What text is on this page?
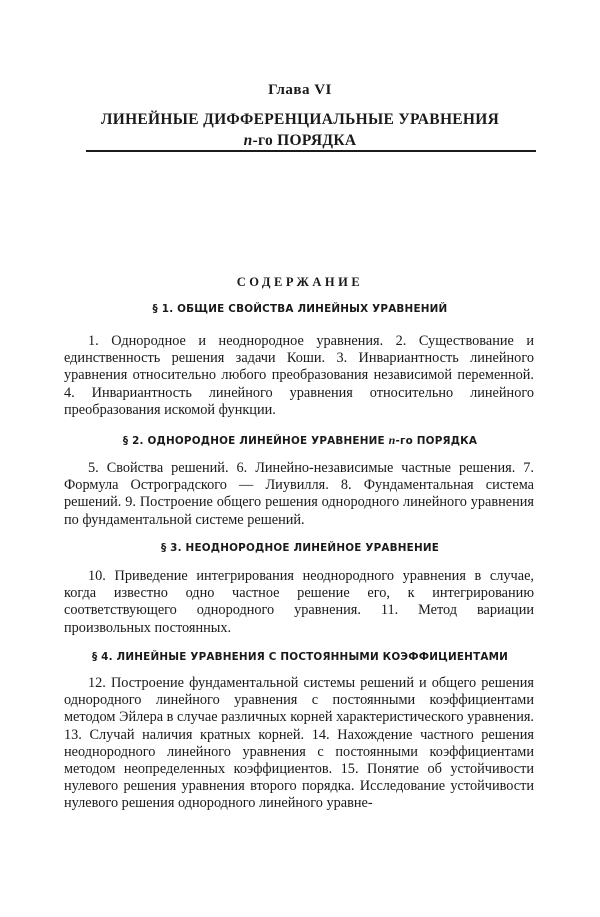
Глава VI
ЛИНЕЙНЫЕ ДИФФЕРЕНЦИАЛЬНЫЕ УРАВНЕНИЯ
n-го ПОРЯДКА
СОДЕРЖАНИЕ
§ 1. ОБЩИЕ СВОЙСТВА ЛИНЕЙНЫХ УРАВНЕНИЙ

1. Однородное и неоднородное уравнения. 2. Существование и единственность решения задачи Коши. 3. Инвариантность линейного уравнения относительно любого преобразования независимой переменной. 4. Инвариантность линейного уравнения относительно линейного преобразования искомой функции.

§ 2. ОДНОРОДНОЕ ЛИНЕЙНОЕ УРАВНЕНИЕ n-го ПОРЯДКА

5. Свойства решений. 6. Линейно-независимые частные решения. 7. Формула Остроградского — Лиувилля. 8. Фундаментальная система решений. 9. Построение общего решения однородного линейного уравнения по фундаментальной системе решений.

§ 3. НЕОДНОРОДНОЕ ЛИНЕЙНОЕ УРАВНЕНИЕ

10. Приведение интегрирования неоднородного уравнения в случае, когда известно одно частное решение его, к интегрированию соответствующего однородного уравнения. 11. Метод вариации произвольных постоянных.

§ 4. ЛИНЕЙНЫЕ УРАВНЕНИЯ С ПОСТОЯННЫМИ КОЭФФИЦИЕНТАМИ

12. Построение фундаментальной системы решений и общего решения однородного линейного уравнения с постоянными коэффициентами методом Эйлера в случае различных корней характеристического уравнения. 13. Случай наличия кратных корней. 14. Нахождение частного решения неоднородного линейного уравнения с постоянными коэффициентами методом неопределенных коэффициентов. 15. Понятие об устойчивости нулевого решения уравнения второго порядка. Исследование устойчивости нулевого решения однородного линейного уравне-
